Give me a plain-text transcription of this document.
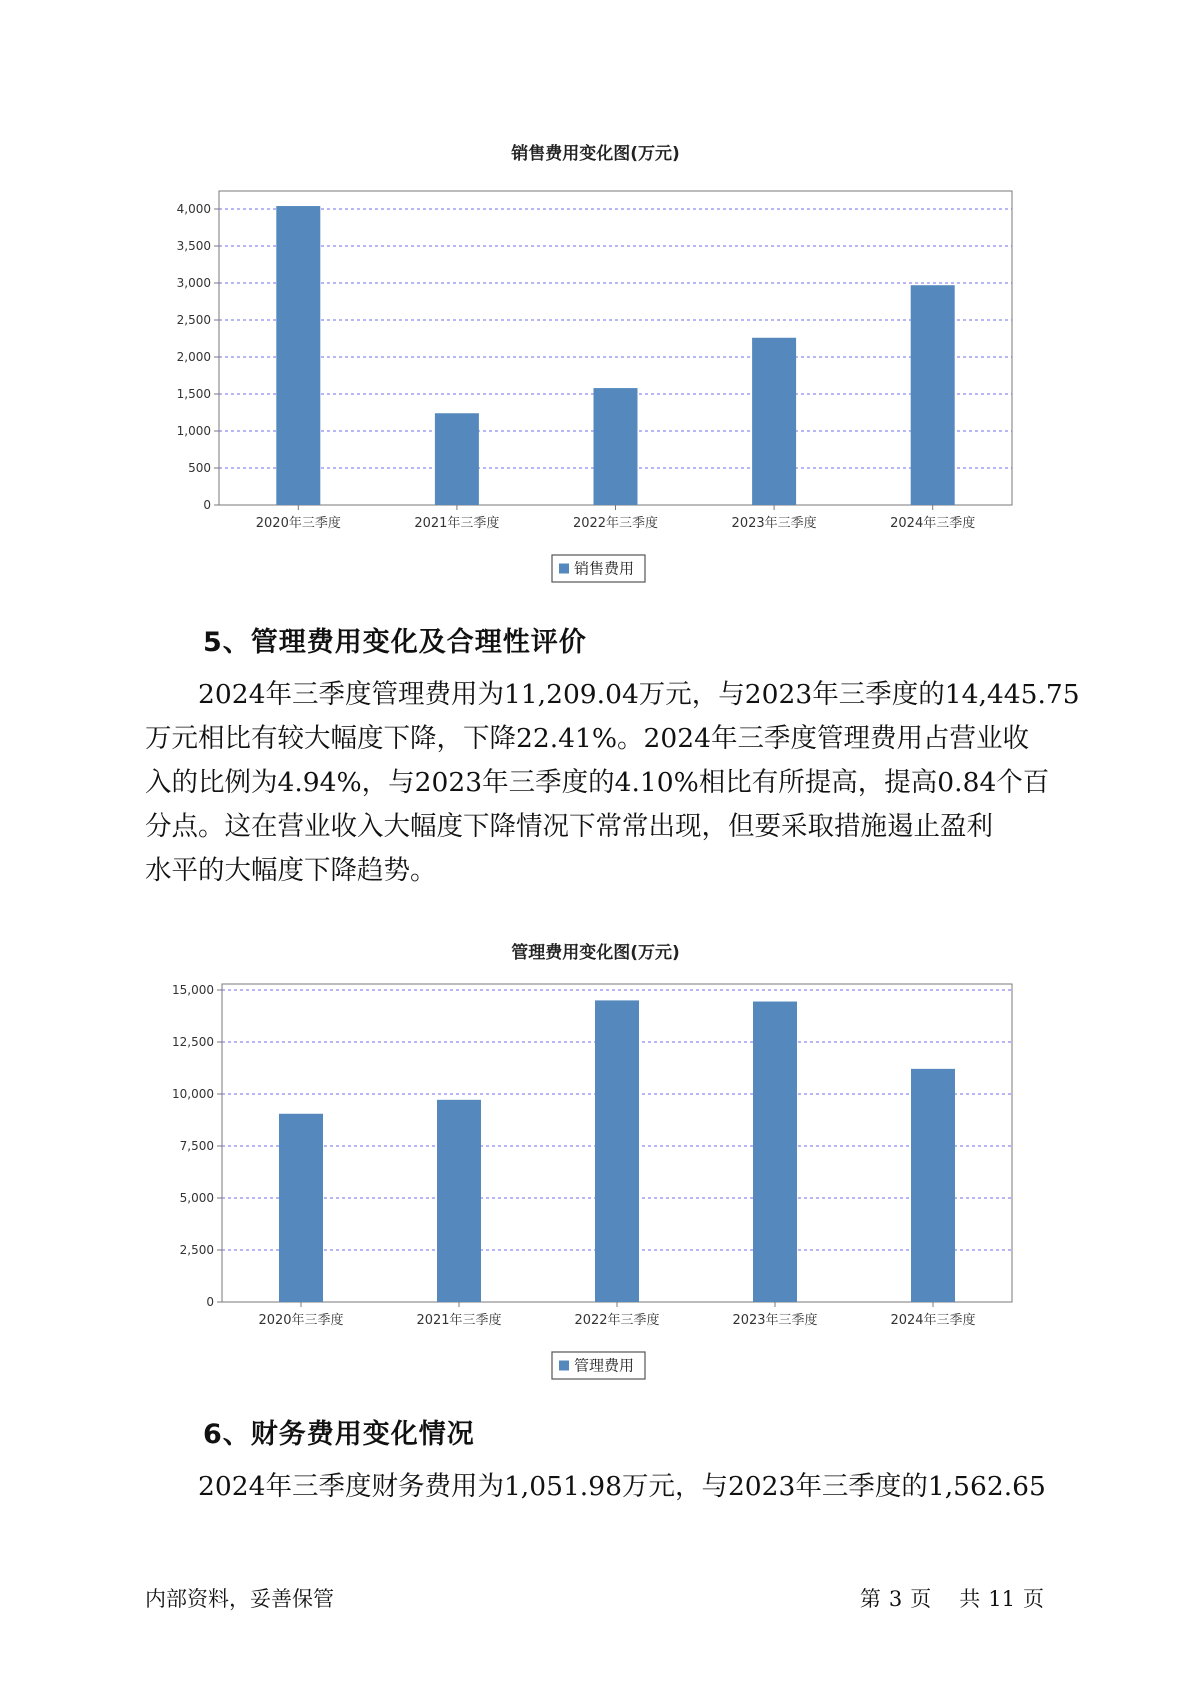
销售费用变化图(万元)
0
500
1,000
1,500
2,000
2,500
3,000
3,500
4,000
2020年三季度	2021年三季度	2022年三季度	2023年三季度	2024年三季度
销售费用
5、管理费用变化及合理性评价
2024年三季度管理费用为11,209.04万元，与2023年三季度的14,445.75
万元相比有较大幅度下降，下降22.41%。2024年三季度管理费用占营业收
入的比例为4.94%，与2023年三季度的4.10%相比有所提高，提高0.84个百
分点。这在营业收入大幅度下降情况下常常出现，但要采取措施遏止盈利
水平的大幅度下降趋势。
管理费用变化图(万元)
0
2,500
5,000
7,500
10,000
12,500
15,000
2020年三季度	2021年三季度	2022年三季度	2023年三季度	2024年三季度
管理费用
6、财务费用变化情况
2024年三季度财务费用为1,051.98万元，与2023年三季度的1,562.65
内部资料，妥善保管	第 3 页 共 11 页
